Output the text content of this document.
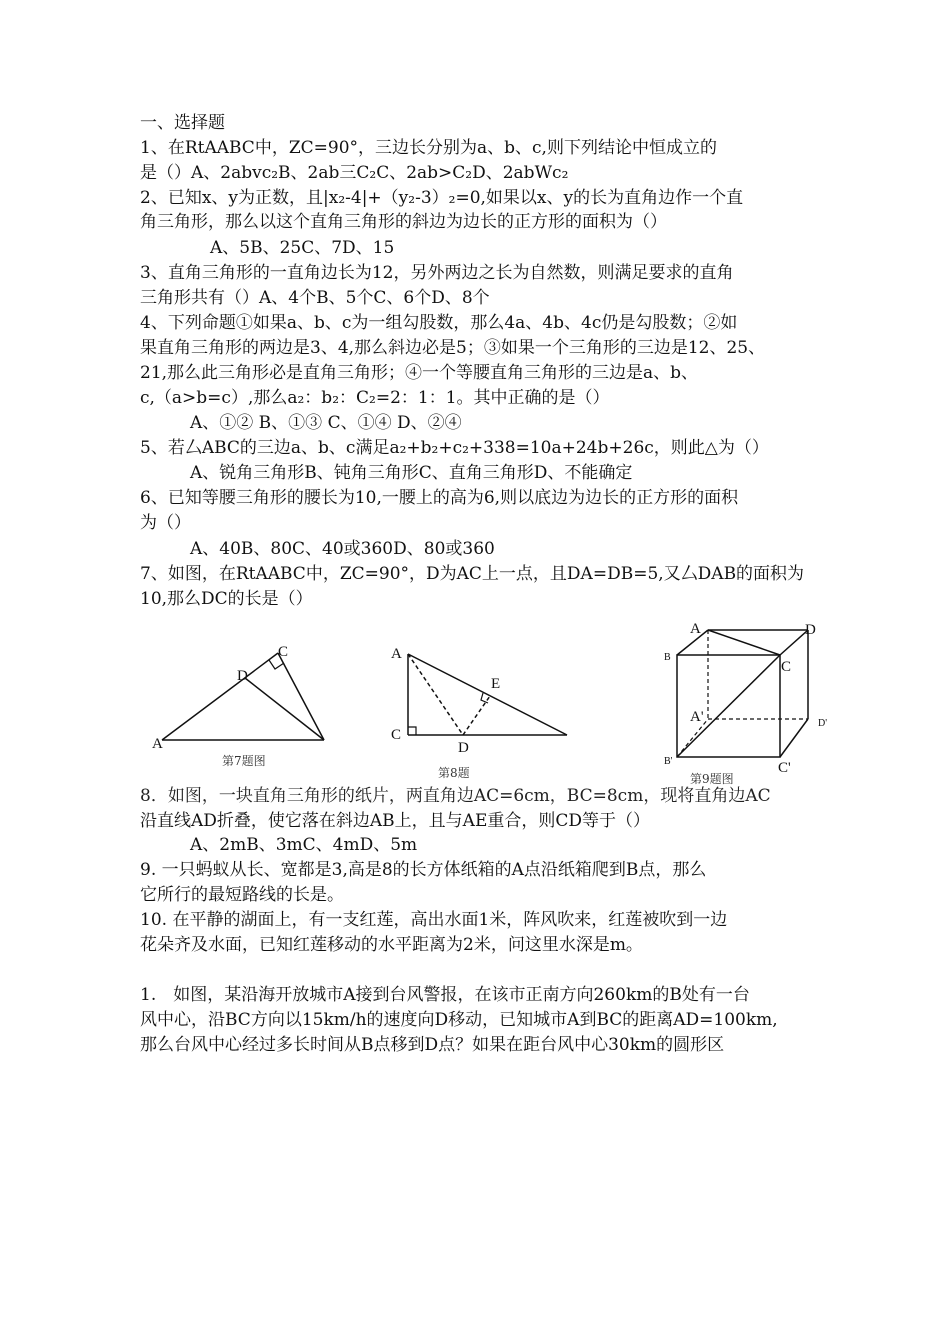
一、选择题
1、在RtAABC中，ZC=90°，三边长分别为a、b、c,则下列结论中恒成立的
是（）A、2abvc₂B、2ab三C₂C、2ab>C₂D、2abWc₂
2、已知x、y为正数，且|x₂-4|+（y₂-3）₂=0,如果以x、y的长为直角边作一个直
角三角形，那么以这个直角三角形的斜边为边长的正方形的面积为（）
A、5B、25C、7D、15
3、直角三角形的一直角边长为12，另外两边之长为自然数，则满足要求的直角
三角形共有（）A、4个B、5个C、6个D、8个
4、下列命题①如果a、b、c为一组勾股数，那么4a、4b、4c仍是勾股数；②如
果直角三角形的两边是3、4,那么斜边必是5；③如果一个三角形的三边是12、25、
21,那么此三角形必是直角三角形；④一个等腰直角三角形的三边是a、b、
c,（a>b=c）,那么a₂：b₂：C₂=2：1：1。其中正确的是（）
A、①② B、①③ C、①④ D、②④
5、若厶ABC的三边a、b、c满足a₂+b₂+c₂+338=10a+24b+26c，则此△为（）
A、锐角三角形B、钝角三角形C、直角三角形D、不能确定
6、已知等腰三角形的腰长为10,一腰上的高为6,则以底边为边长的正方形的面积
为（）
A、40B、80C、40或360D、80或360
7、如图，在RtAABC中，ZC=90°，D为AC上一点，且DA=DB=5,又厶DAB的面积为
10,那么DC的长是（）
A
C
D
第7题图
A
C
D
E
第8题
A	D
C
A'
C'
B
D'
B'
第9题图
8．如图，一块直角三角形的纸片，两直角边AC=6cm，BC=8cm，现将直角边AC
沿直线AD折叠，使它落在斜边AB上，且与AE重合，则CD等于（）
A、2mB、3mC、4mD、5m
9. 一只蚂蚁从长、宽都是3,高是8的长方体纸箱的A点沿纸箱爬到B点，那么
它所行的最短路线的长是。
10. 在平静的湖面上，有一支红莲，高出水面1米，阵风吹来，红莲被吹到一边
花朵齐及水面，已知红莲移动的水平距离为2米，问这里水深是m。
1.　如图，某沿海开放城市A接到台风警报，在该市正南方向260km的B处有一台
风中心，沿BC方向以15km/h的速度向D移动，已知城市A到BC的距离AD=100km,
那么台风中心经过多长时间从B点移到D点？如果在距台风中心30km的圆形区
